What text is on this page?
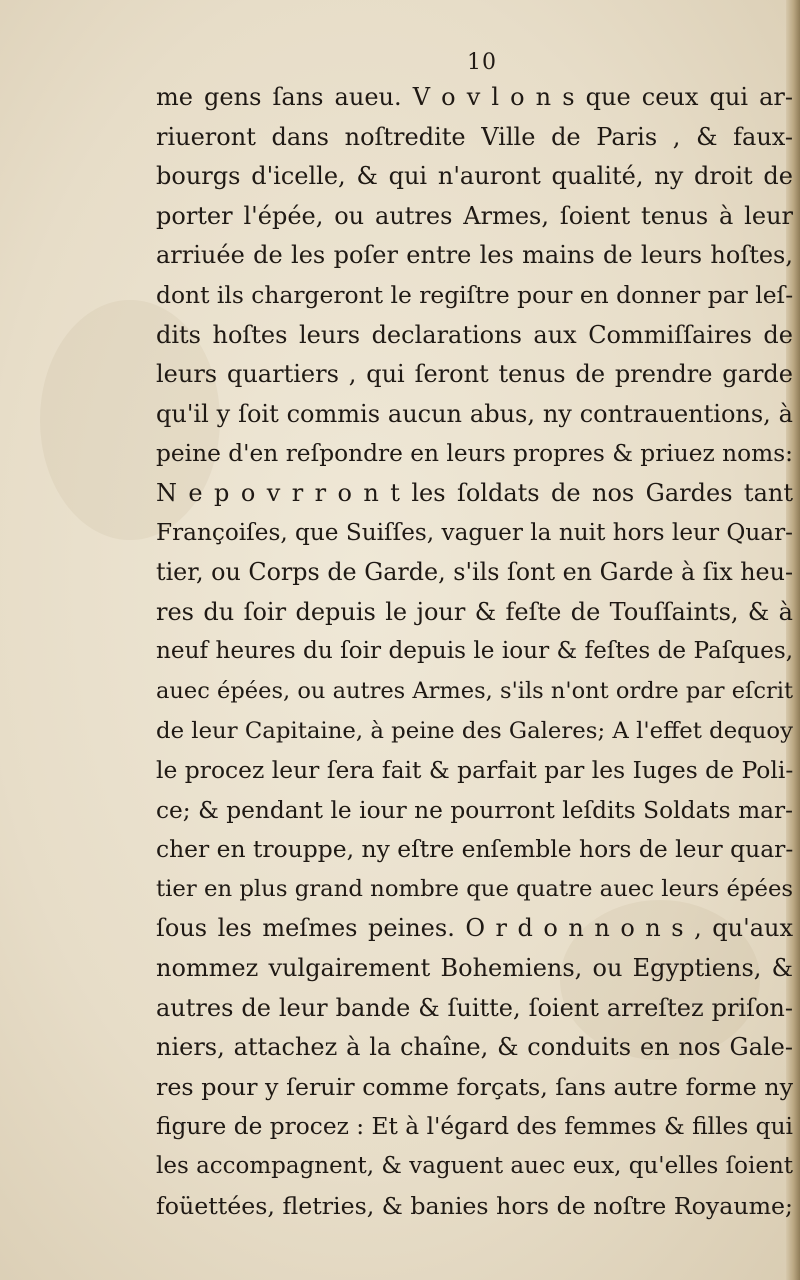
10
me gens ſans aueu. V o v l o n s que ceux qui ar-
riueront dans noſtredite Ville de Paris , & faux-
bourgs d'icelle, & qui n'auront qualité, ny droit de
porter l'épée, ou autres Armes, ſoient tenus à leur
arriuée de les poſer entre les mains de leurs hoſtes,
dont ils chargeront le regiſtre pour en donner par leſ-
dits hoſtes leurs declarations aux Commiſſaires de
leurs quartiers , qui ſeront tenus de prendre garde
qu'il y ſoit commis aucun abus, ny contrauentions, à
peine d'en reſpondre en leurs propres & priuez noms:
N e p o v r r o n t les ſoldats de nos Gardes tant
Françoiſes, que Suiſſes, vaguer la nuit hors leur Quar-
tier, ou Corps de Garde, s'ils ſont en Garde à ſix heu-
res du ſoir depuis le jour & feſte de Touſſaints, & à
neuf heures du ſoir depuis le iour & feſtes de Paſques,
auec épées, ou autres Armes, s'ils n'ont ordre par eſcrit
de leur Capitaine, à peine des Galeres; A l'effet dequoy
le procez leur ſera fait & parfait par les Iuges de Poli-
ce; & pendant le iour ne pourront leſdits Soldats mar-
cher en trouppe, ny eſtre enſemble hors de leur quar-
tier en plus grand nombre que quatre auec leurs épées
ſous les meſmes peines. O r d o n n o n s , qu'aux
nommez vulgairement Bohemiens, ou Egyptiens, &
autres de leur bande & ſuitte, ſoient arreſtez priſon-
niers, attachez à la chaîne, & conduits en nos Gale-
res pour y ſeruir comme forçats, ſans autre forme ny
figure de procez : Et à l'égard des femmes & filles qui
les accompagnent, & vaguent auec eux, qu'elles ſoient
foüettées, fletries, & banies hors de noſtre Royaume;
